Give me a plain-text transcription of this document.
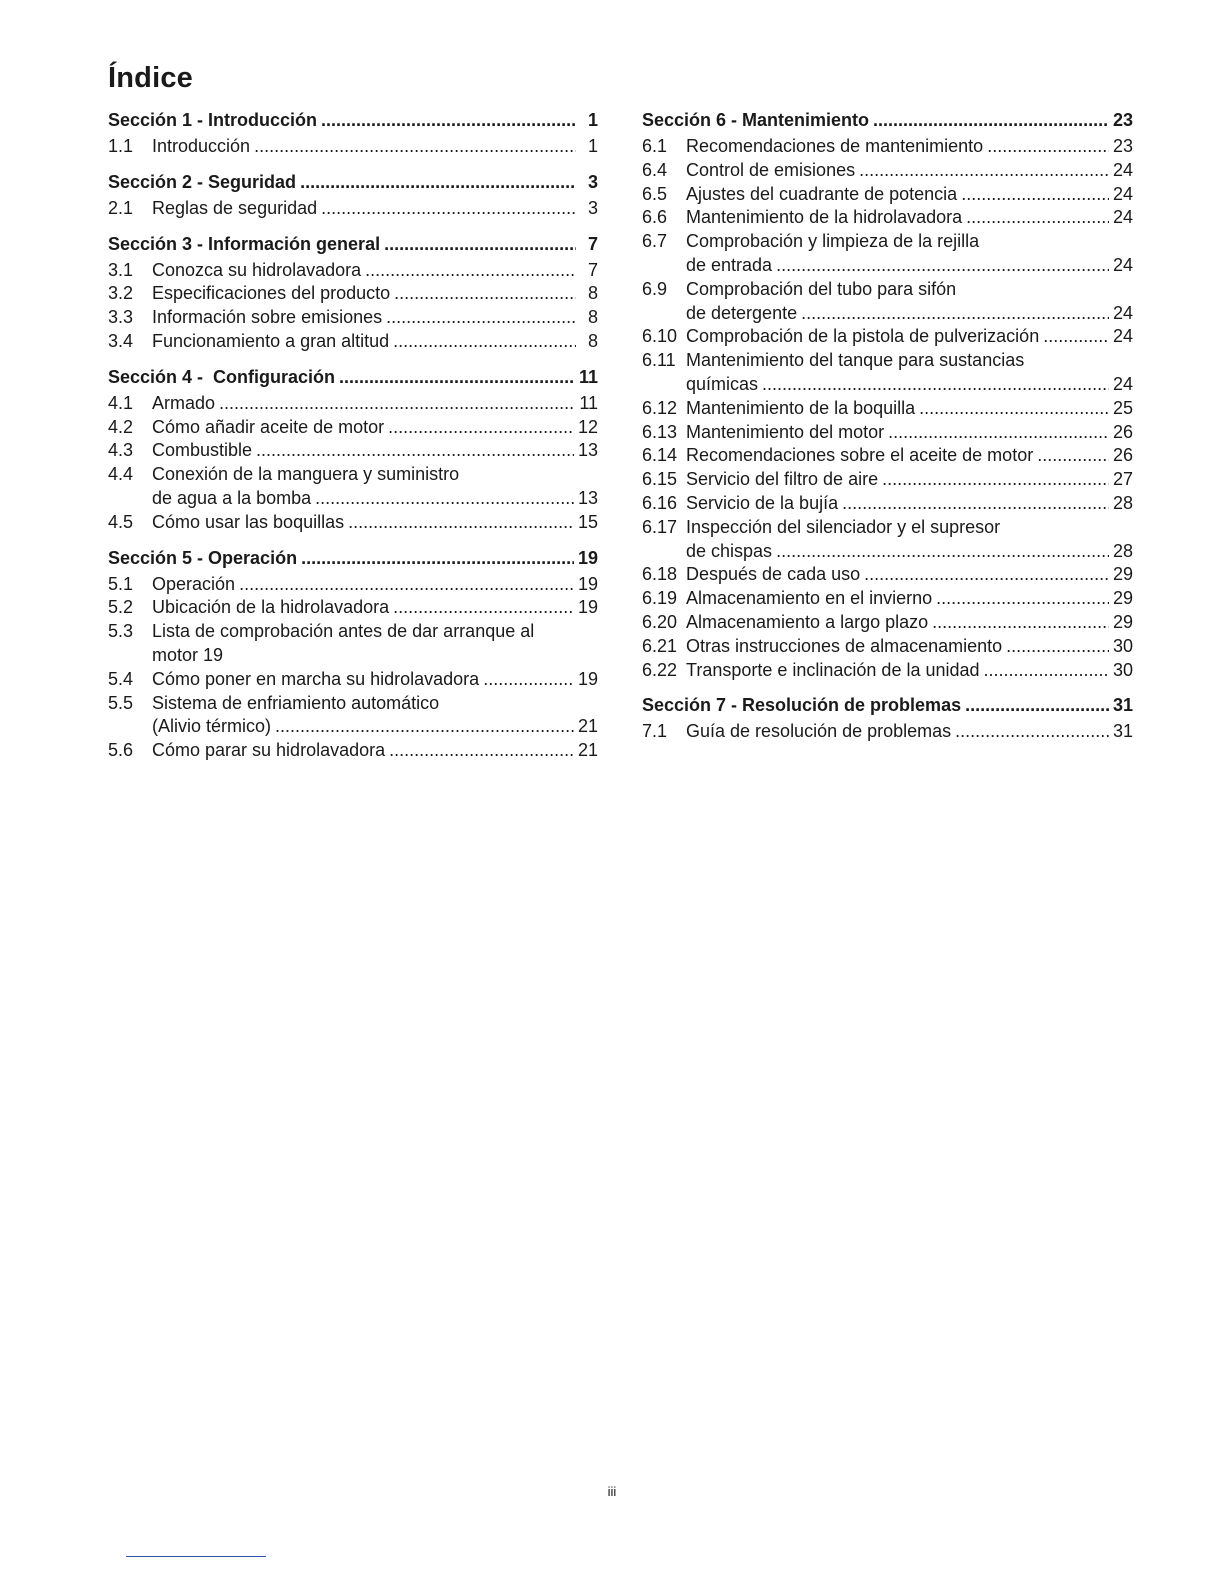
Índice
Sección 1 - Introducción .....	1
1.1	Introducción .....	1
Sección 2 - Seguridad .....	3
2.1	Reglas de seguridad .....	3
Sección 3 - Información general .....	7
3.1	Conozca su hidrolavadora .....	7
3.2	Especificaciones del producto .....	8
3.3	Información sobre emisiones .....	8
3.4	Funcionamiento a gran altitud .....	8
Sección 4 -  Configuración .....	11
4.1	Armado .....	11
4.2	Cómo añadir aceite de motor .....	12
4.3	Combustible .....	13
4.4	Conexión de la manguera y suministro
de agua a la bomba .....	13
4.5	Cómo usar las boquillas .....	15
Sección 5 - Operación .....	19
5.1	Operación .....	19
5.2	Ubicación de la hidrolavadora .....	19
5.3	Lista de comprobación antes de dar arranque al
motor 19
5.4	Cómo poner en marcha su hidrolavadora .....	19
5.5	Sistema de enfriamiento automático
(Alivio térmico) .....	21
5.6	Cómo parar su hidrolavadora .....	21
Sección 6 - Mantenimiento .....	23
6.1	Recomendaciones de mantenimiento .....	23
6.4	Control de emisiones .....	24
6.5	Ajustes del cuadrante de potencia .....	24
6.6	Mantenimiento de la hidrolavadora .....	24
6.7	Comprobación y limpieza de la rejilla
de entrada .....	24
6.9	Comprobación del tubo para sifón
de detergente .....	24
6.10 Comprobación de la pistola de pulverización .....	24
6.11 Mantenimiento del tanque para sustancias
químicas .....	24
6.12 Mantenimiento de la boquilla .....	25
6.13 Mantenimiento del motor .....	26
6.14 Recomendaciones sobre el aceite de motor .....	26
6.15 Servicio del filtro de aire .....	27
6.16 Servicio de la bujía .....	28
6.17 Inspección del silenciador y el supresor
de chispas .....	28
6.18 Después de cada uso .....	29
6.19 Almacenamiento en el invierno .....	29
6.20 Almacenamiento a largo plazo .....	29
6.21 Otras instrucciones de almacenamiento .....	30
6.22 Transporte e inclinación de la unidad .....	30
Sección 7 - Resolución de problemas .....	31
7.1	Guía de resolución de problemas .....	31
iii
